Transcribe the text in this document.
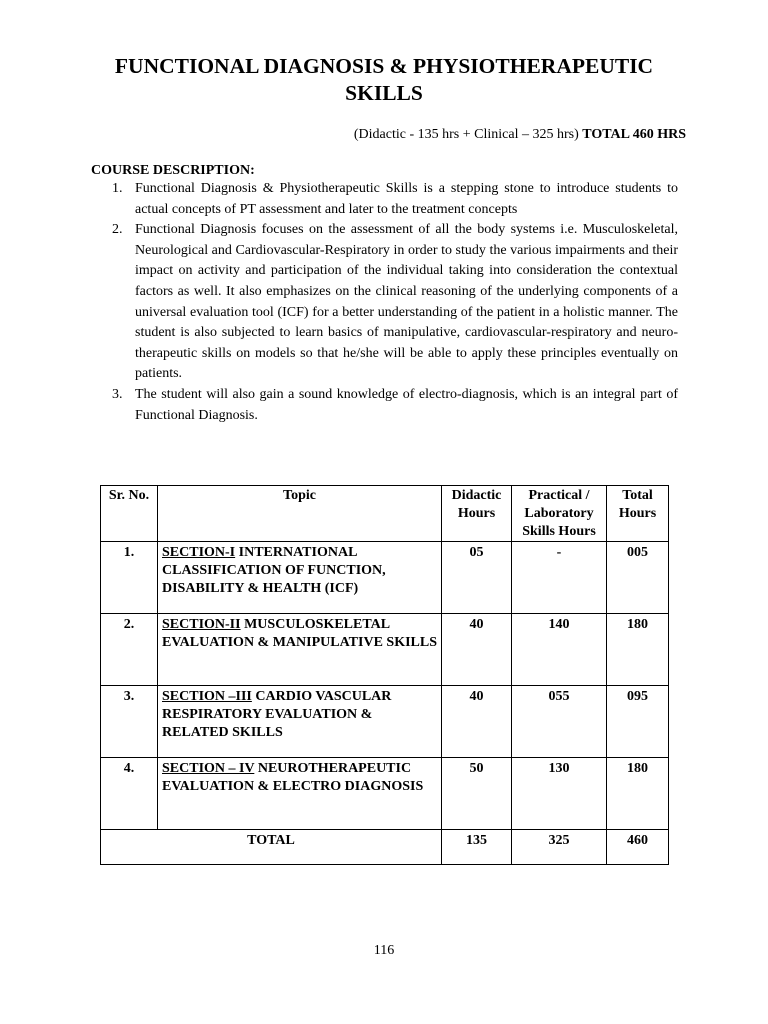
FUNCTIONAL DIAGNOSIS & PHYSIOTHERAPEUTIC
SKILLS
(Didactic - 135 hrs + Clinical – 325 hrs) TOTAL 460 HRS
COURSE DESCRIPTION:
1. Functional Diagnosis & Physiotherapeutic Skills is a stepping stone to introduce students to actual concepts of PT assessment and later to the treatment concepts
2. Functional Diagnosis focuses on the assessment of all the body systems i.e. Musculoskeletal, Neurological and Cardiovascular-Respiratory in order to study the various impairments and their impact on activity and participation of the individual taking into consideration the contextual factors as well. It also emphasizes on the clinical reasoning of the underlying components of a universal evaluation tool (ICF) for a better understanding of the patient in a holistic manner. The student is also subjected to learn basics of manipulative, cardiovascular-respiratory and neuro-therapeutic skills on models so that he/she will be able to apply these principles eventually on patients.
3. The student will also gain a sound knowledge of electro-diagnosis, which is an integral part of Functional Diagnosis.
Sr. No.	Topic	Didactic Hours	Practical / Laboratory Skills Hours	Total Hours
1.	SECTION-I INTERNATIONAL CLASSIFICATION OF FUNCTION, DISABILITY & HEALTH (ICF)	05	-	005
2.	SECTION-II MUSCULOSKELETAL EVALUATION & MANIPULATIVE SKILLS	40	140	180
3.	SECTION –III CARDIO VASCULAR RESPIRATORY EVALUATION & RELATED SKILLS	40	055	095
4.	SECTION – IV NEUROTHERAPEUTIC EVALUATION & ELECTRO DIAGNOSIS	50	130	180
TOTAL		135	325	460
116
